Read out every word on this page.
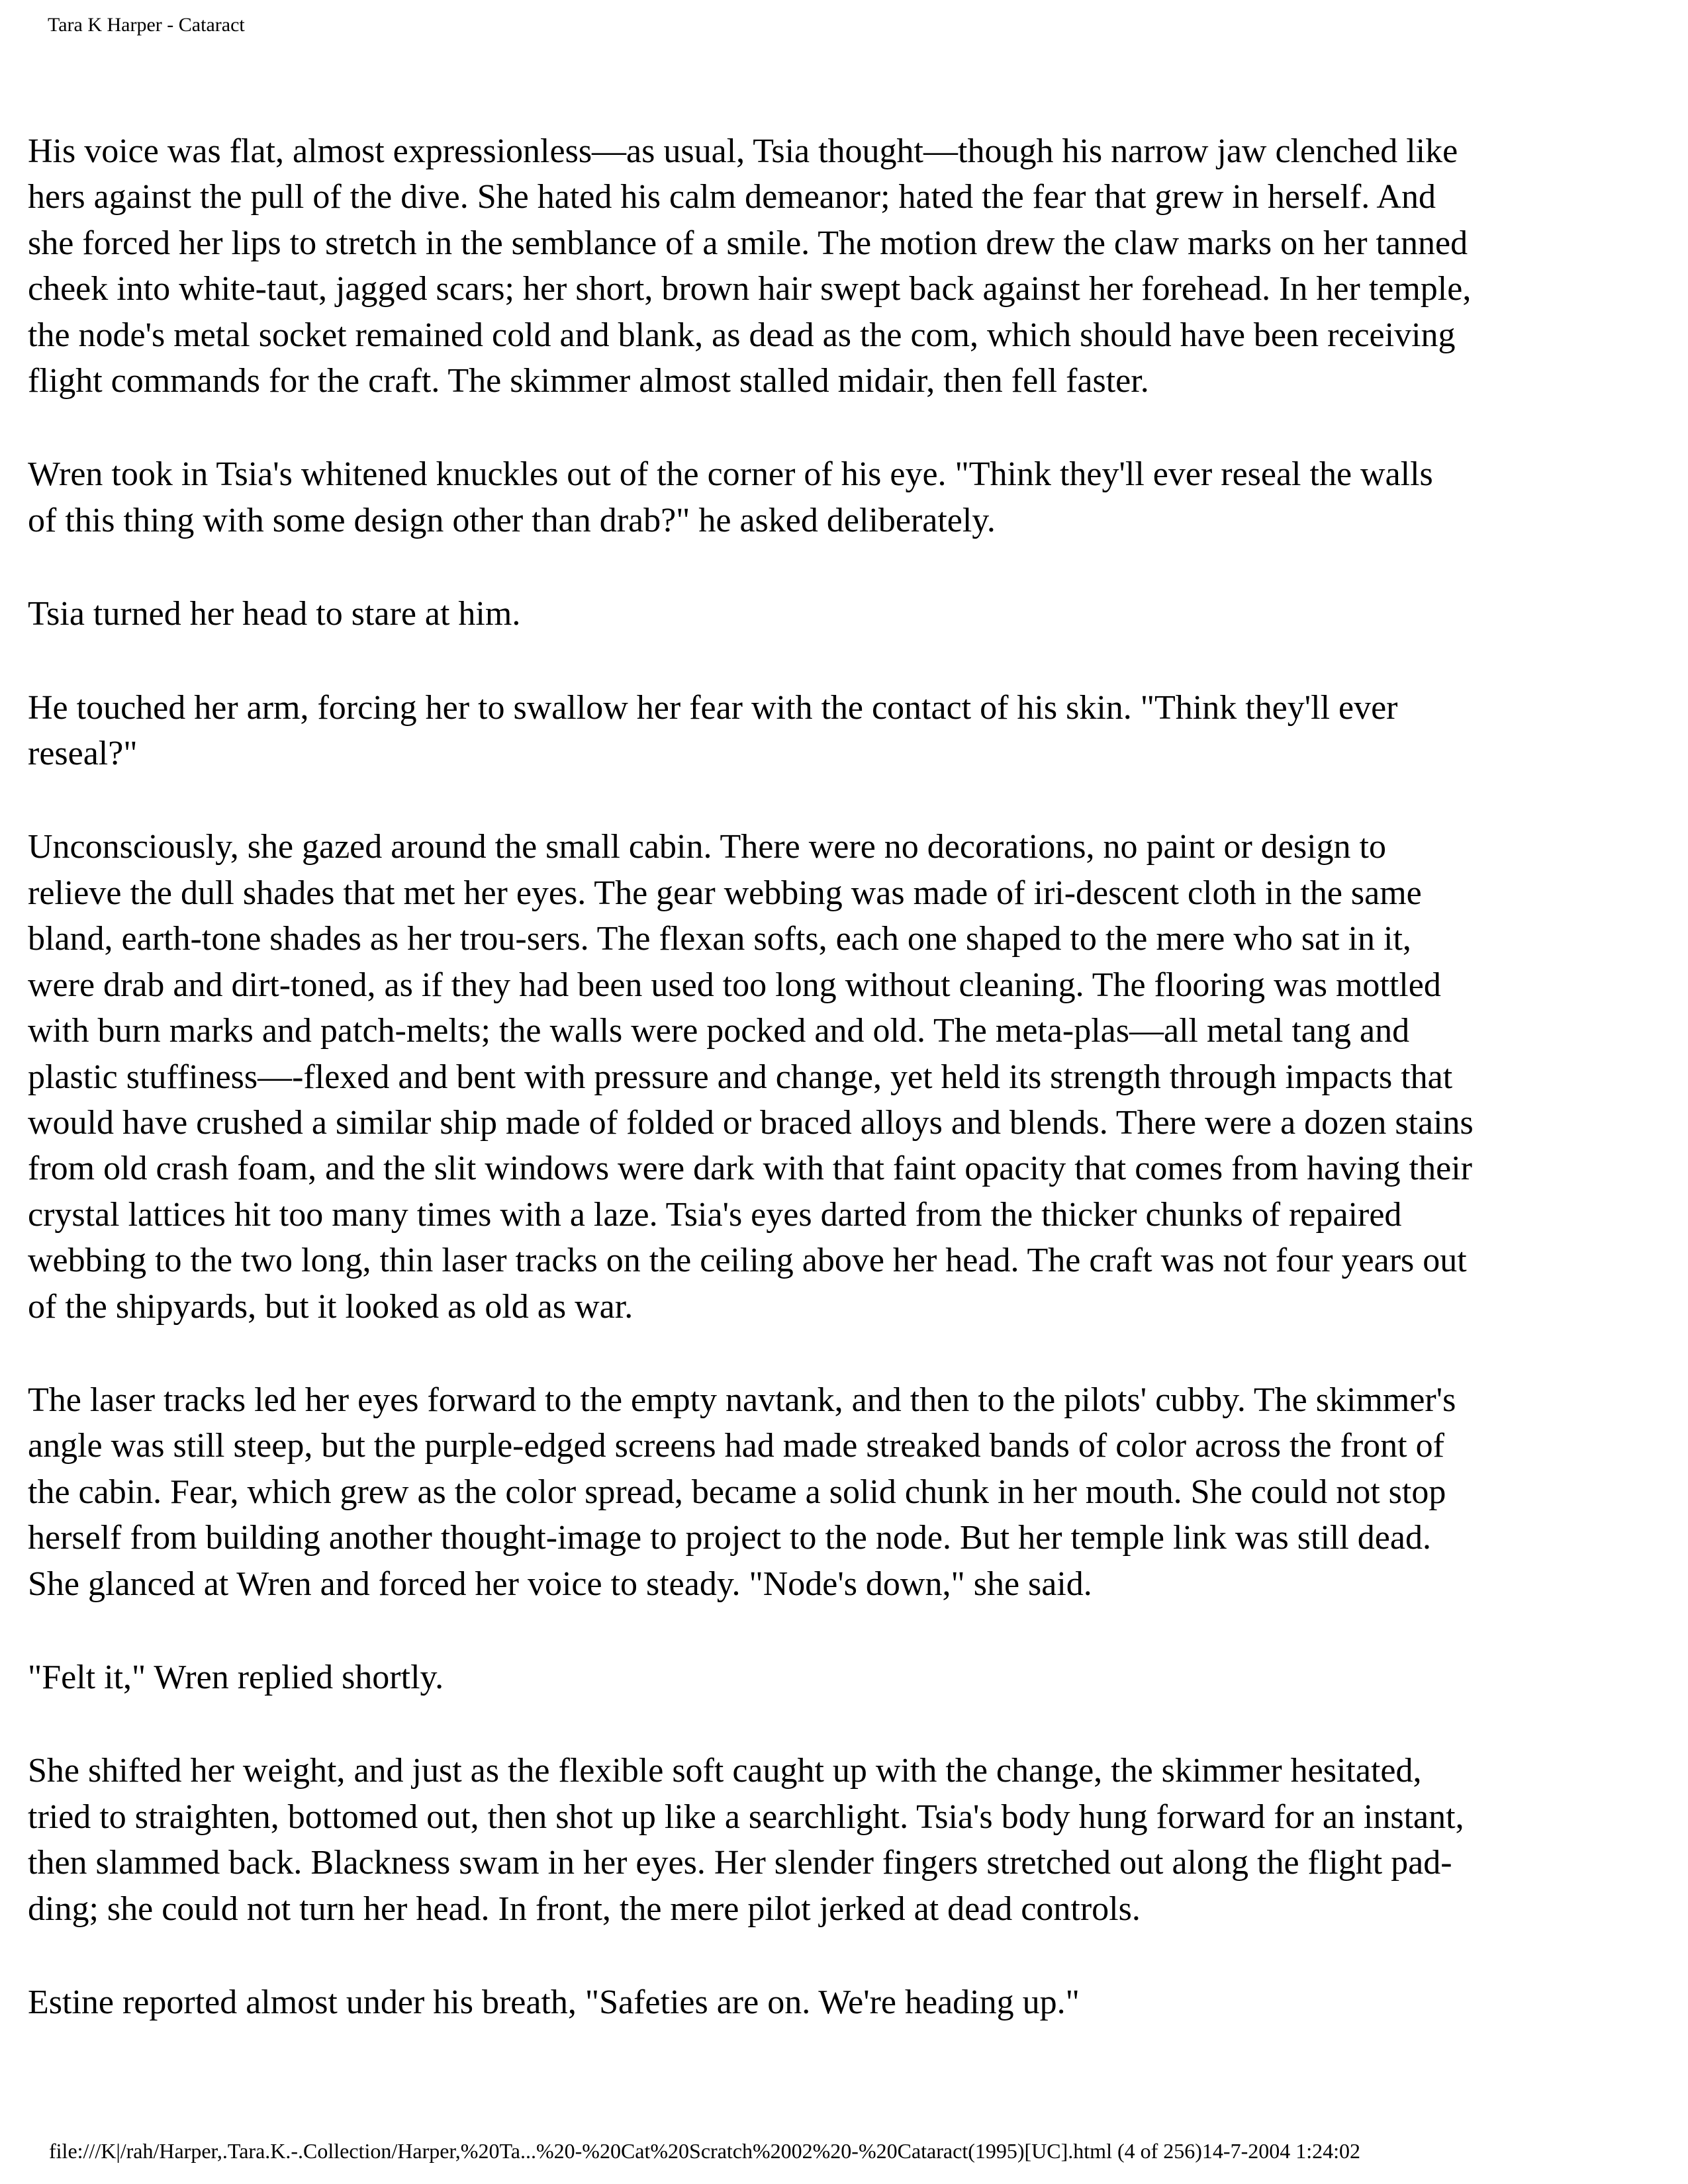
Tara K Harper - Cataract

His voice was flat, almost expressionless—as usual, Tsia thought—though his narrow jaw clenched like
hers against the pull of the dive. She hated his calm demeanor; hated the fear that grew in herself. And
she forced her lips to stretch in the semblance of a smile. The motion drew the claw marks on her tanned
cheek into white-taut, jagged scars; her short, brown hair swept back against her forehead. In her temple,
the node's metal socket remained cold and blank, as dead as the com, which should have been receiving
flight commands for the craft. The skimmer almost stalled midair, then fell faster.

Wren took in Tsia's whitened knuckles out of the corner of his eye. "Think they'll ever reseal the walls
of this thing with some design other than drab?" he asked deliberately.

Tsia turned her head to stare at him.

He touched her arm, forcing her to swallow her fear with the contact of his skin. "Think they'll ever
reseal?"

Unconsciously, she gazed around the small cabin. There were no decorations, no paint or design to
relieve the dull shades that met her eyes. The gear webbing was made of iri-descent cloth in the same
bland, earth-tone shades as her trou-sers. The flexan softs, each one shaped to the mere who sat in it,
were drab and dirt-toned, as if they had been used too long without cleaning. The flooring was mottled
with burn marks and patch-melts; the walls were pocked and old. The meta-plas—all metal tang and
plastic stuffiness—-flexed and bent with pressure and change, yet held its strength through impacts that
would have crushed a similar ship made of folded or braced alloys and blends. There were a dozen stains
from old crash foam, and the slit windows were dark with that faint opacity that comes from having their
crystal lattices hit too many times with a laze. Tsia's eyes darted from the thicker chunks of repaired
webbing to the two long, thin laser tracks on the ceiling above her head. The craft was not four years out
of the shipyards, but it looked as old as war.

The laser tracks led her eyes forward to the empty navtank, and then to the pilots' cubby. The skimmer's
angle was still steep, but the purple-edged screens had made streaked bands of color across the front of
the cabin. Fear, which grew as the color spread, became a solid chunk in her mouth. She could not stop
herself from building another thought-image to project to the node. But her temple link was still dead.
She glanced at Wren and forced her voice to steady. "Node's down," she said.

"Felt it," Wren replied shortly.

She shifted her weight, and just as the flexible soft caught up with the change, the skimmer hesitated,
tried to straighten, bottomed out, then shot up like a searchlight. Tsia's body hung forward for an instant,
then slammed back. Blackness swam in her eyes. Her slender fingers stretched out along the flight pad-
ding; she could not turn her head. In front, the mere pilot jerked at dead controls.

Estine reported almost under his breath, "Safeties are on. We're heading up."

file:///K|/rah/Harper,.Tara.K.-.Collection/Harper,%20Ta...%20-%20Cat%20Scratch%2002%20-%20Cataract(1995)[UC].html (4 of 256)14-7-2004 1:24:02
